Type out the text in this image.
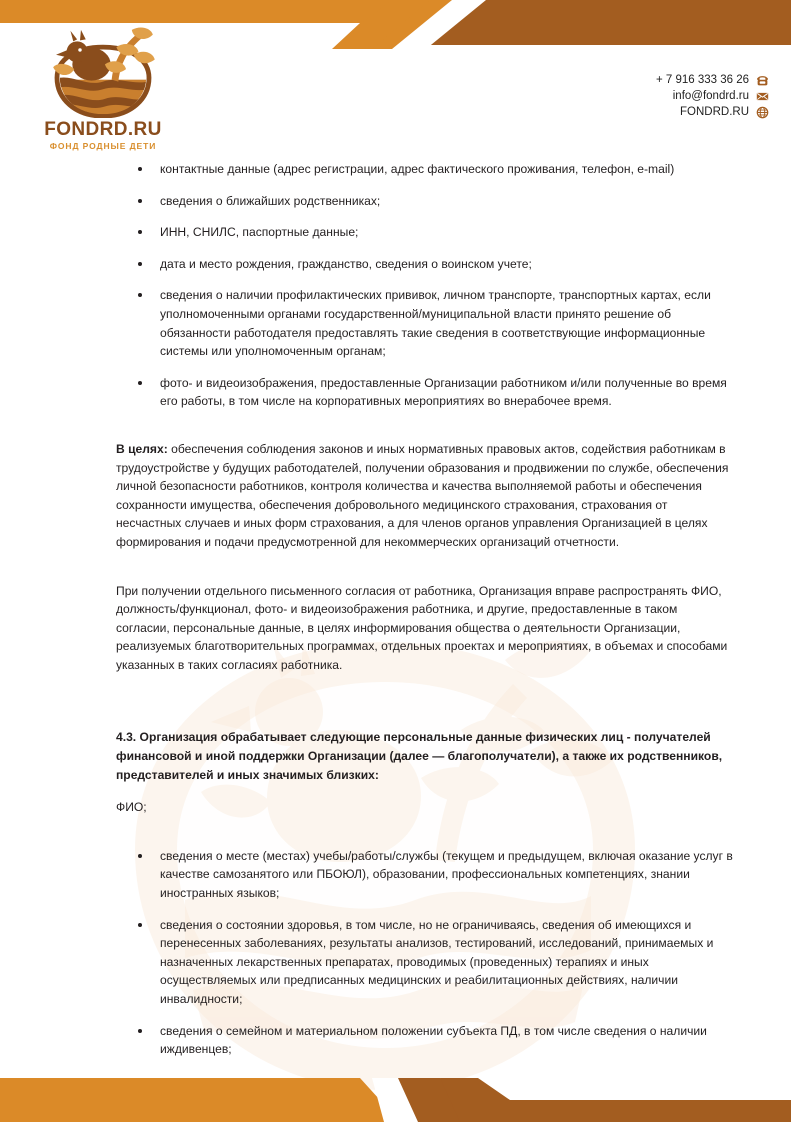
FONDRD.RU
ФОНД РОДНЫЕ ДЕТИ
+ 7 916 333 36 26
info@fondrd.ru
FONDRD.RU
контактные данные (адрес регистрации, адрес фактического проживания, телефон, e-mail)
сведения о ближайших родственниках;
ИНН, СНИЛС, паспортные данные;
дата и место рождения, гражданство, сведения о воинском учете;
сведения о наличии профилактических прививок, личном транспорте, транспортных картах, если уполномоченными органами государственной/муниципальной власти принято решение об обязанности работодателя предоставлять такие сведения в соответствующие информационные системы или уполномоченным органам;
фото- и видеоизображения, предоставленные Организации работником и/или полученные во время его работы, в том числе на корпоративных мероприятиях во внерабочее время.

В целях: обеспечения соблюдения законов и иных нормативных правовых актов, содействия работникам в трудоустройстве у будущих работодателей, получении образования и продвижении по службе, обеспечения личной безопасности работников, контроля количества и качества выполняемой работы и обеспечения сохранности имущества, обеспечения добровольного медицинского страхования, страхования от несчастных случаев и иных форм страхования, а для членов органов управления Организацией в целях формирования и подачи предусмотренной для некоммерческих организаций отчетности.

При получении отдельного письменного согласия от работника, Организация вправе распространять ФИО, должность/функционал, фото- и видеоизображения работника, и другие, предоставленные в таком согласии, персональные данные, в целях информирования общества о деятельности Организации, реализуемых благотворительных программах, отдельных проектах и мероприятиях, в объемах и способами указанных в таких согласиях работника.

4.3. Организация обрабатывает следующие персональные данные физических лиц - получателей финансовой и иной поддержки Организации (далее — благополучатели), а также их родственников, представителей и иных значимых близких:

ФИО;

сведения о месте (местах) учебы/работы/службы (текущем и предыдущем, включая оказание услуг в качестве самозанятого или ПБОЮЛ), образовании, профессиональных компетенциях, знании иностранных языков;
сведения о состоянии здоровья, в том числе, но не ограничиваясь, сведения об имеющихся и перенесенных заболеваниях, результаты анализов, тестирований, исследований, принимаемых и назначенных лекарственных препаратах, проводимых (проведенных) терапиях и иных осуществляемых или предписанных медицинских и реабилитационных действиях, наличии инвалидности;
сведения о семейном и материальном положении субъекта ПД, в том числе сведения о наличии иждивенцев;
